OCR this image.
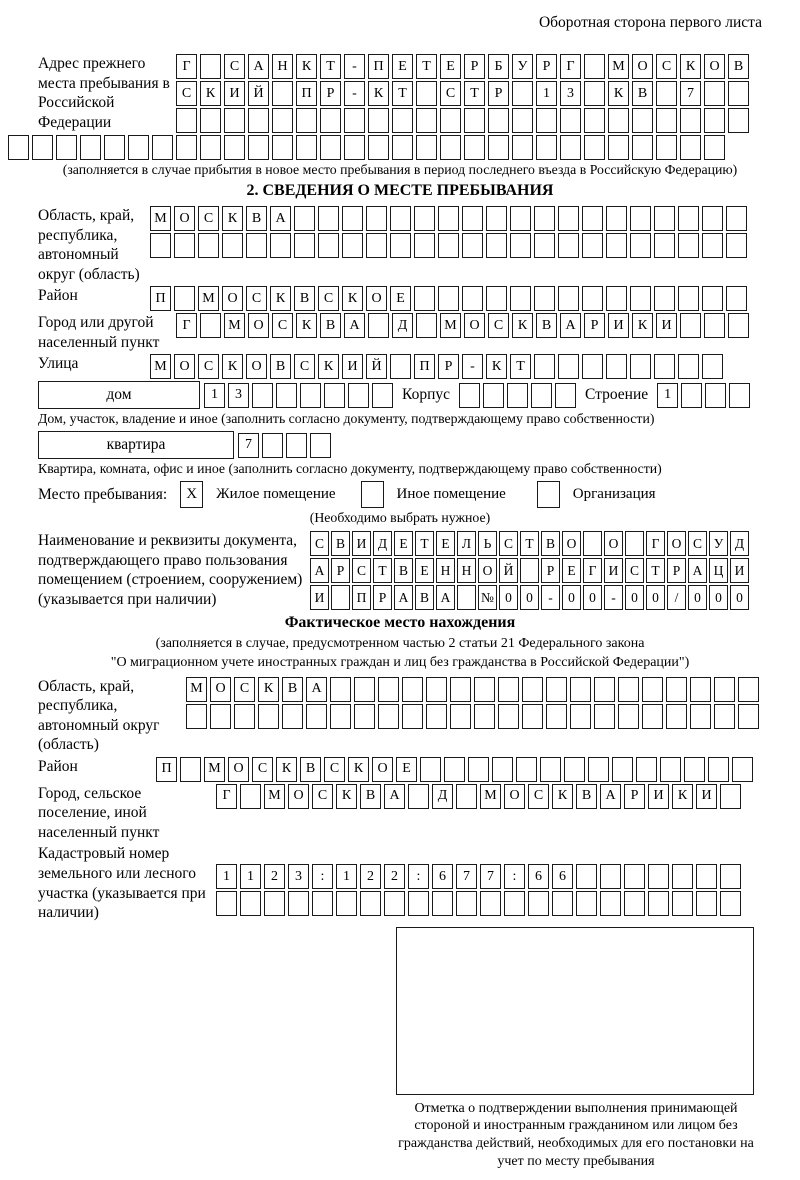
Оборотная сторона первого листа
Адрес прежнего места пребывания в Российской Федерации
Г	С	А Н	К	Т	-	П	Е	Т	Е	Р	Б	У	Р	Г	М О	С	К	О	В
С	К	И Й	П	Р	-	К	Т	С	Т	Р	1	3	К	В	7
(заполняется в случае прибытия в новое место пребывания в период последнего въезда в Российскую Федерацию)
2. СВЕДЕНИЯ О МЕСТЕ ПРЕБЫВАНИЯ
Область, край, республика, автономный округ (область)
М О	С	К	В	А
Район	П	М О	С	К	В	С	К	О	Е
Город или другой населенный пункт
Г	М О	С	К	В	А	Д	М О	С	К	В	А	Р	И	К	И
Улица	М О	С	К	О	В	С	К	И Й	П	Р	-	К	Т
дом	1	3	Корпус	Строение	1
Дом, участок, владение и иное (заполнить согласно документу, подтверждающему право собственности)
квартира	7
Квартира, комната, офис и иное (заполнить согласно документу, подтверждающему право собственности)
Место пребывания:	X	Жилое помещение	Иное помещение	Организация
(Необходимо выбрать нужное)
Наименование и реквизиты документа, подтверждающего право пользования помещением (строением, сооружением) (указывается при наличии)
С В И Д Е Т Е Л Ь С Т В О	О	Г О С У Д
А Р С Т В Е Н Н О Й	Р Е Г И С Т Р А Ц И
И	П Р А В А	№ 0	0	-	0	0	-	0	0	/	0	0	0
Фактическое место нахождения
(заполняется в случае, предусмотренном частью 2 статьи 21 Федерального закона
"О миграционном учете иностранных граждан и лиц без гражданства в Российской Федерации")
Область, край, республика, автономный округ (область)
М О	С	К	В	А
Район	П	М О	С	К	В	С	К	О	Е
Город, сельское поселение, иной населенный пункт
Г	М О	С	К	В	А	Д	М О	С	К	В	А	Р	И	К	И
Кадастровый номер земельного или лесного участка (указывается при наличии)
1	1	2	3	:	1	2	2	:	6	7	7	:	6	6
Отметка о подтверждении выполнения принимающей стороной и иностранным гражданином или лицом без гражданства действий, необходимых для его постановки на учет по месту пребывания
